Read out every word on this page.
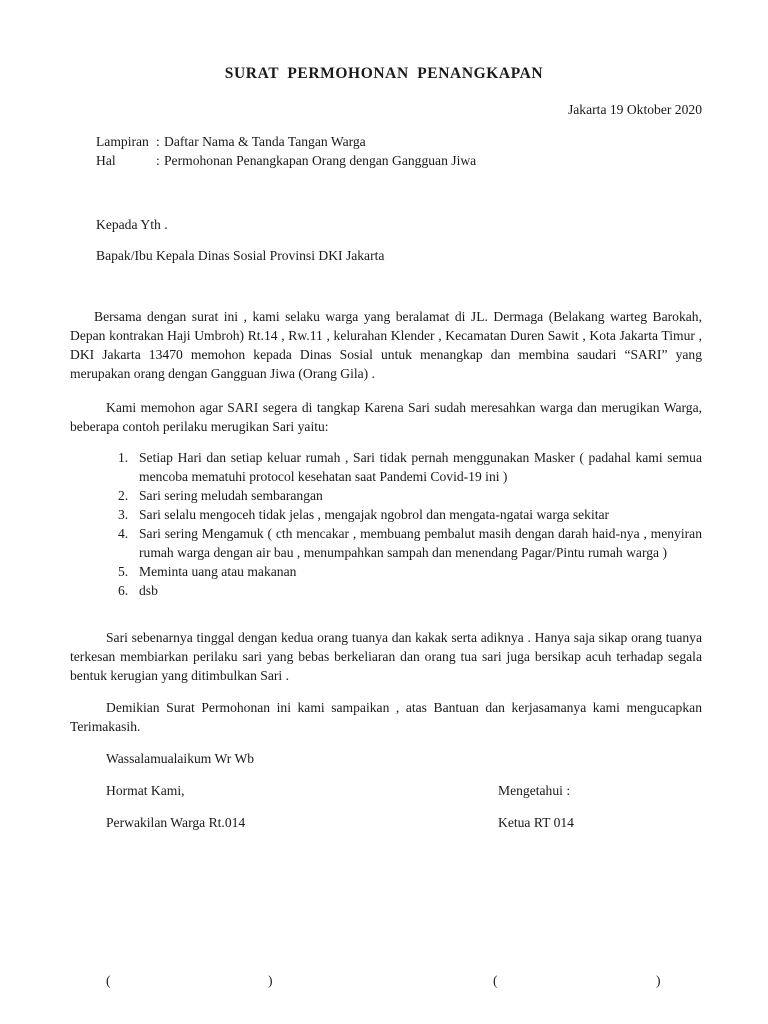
SURAT PERMOHONAN PENANGKAPAN
Jakarta 19 Oktober 2020
Lampiran : Daftar Nama & Tanda Tangan Warga
Hal	: Permohonan Penangkapan Orang dengan Gangguan Jiwa
Kepada Yth .
Bapak/Ibu Kepala Dinas Sosial Provinsi DKI Jakarta

Bersama dengan surat ini , kami selaku warga yang beralamat di JL. Dermaga (Belakang warteg Barokah, Depan kontrakan Haji Umbroh) Rt.14 , Rw.11 , kelurahan Klender , Kecamatan Duren Sawit , Kota Jakarta Timur , DKI Jakarta 13470 memohon kepada Dinas Sosial untuk menangkap dan membina saudari “SARI” yang merupakan orang dengan Gangguan Jiwa (Orang Gila) .

Kami memohon agar SARI segera di tangkap Karena Sari sudah meresahkan warga dan merugikan Warga, beberapa contoh perilaku merugikan Sari yaitu:

1. Setiap Hari dan setiap keluar rumah , Sari tidak pernah menggunakan Masker ( padahal kami semua mencoba mematuhi protocol kesehatan saat Pandemi Covid-19 ini )
2. Sari sering meludah sembarangan
3. Sari selalu mengoceh tidak jelas , mengajak ngobrol dan mengata-ngatai warga sekitar
4. Sari sering Mengamuk ( cth mencakar , membuang pembalut masih dengan darah haid-nya , menyiran rumah warga dengan air bau , menumpahkan sampah dan menendang Pagar/Pintu rumah warga )
5. Meminta uang atau makanan
6. dsb

Sari sebenarnya tinggal dengan kedua orang tuanya dan kakak serta adiknya . Hanya saja sikap orang tuanya terkesan membiarkan perilaku sari yang bebas berkeliaran dan orang tua sari juga bersikap acuh terhadap segala bentuk kerugian yang ditimbulkan Sari .

Demikian Surat Permohonan ini kami sampaikan , atas Bantuan dan kerjasamanya kami mengucapkan Terimakasih.

Wassalamualaikum Wr Wb
Hormat Kami,	Mengetahui :
Perwakilan Warga Rt.014	Ketua RT 014
(	)	(	)
